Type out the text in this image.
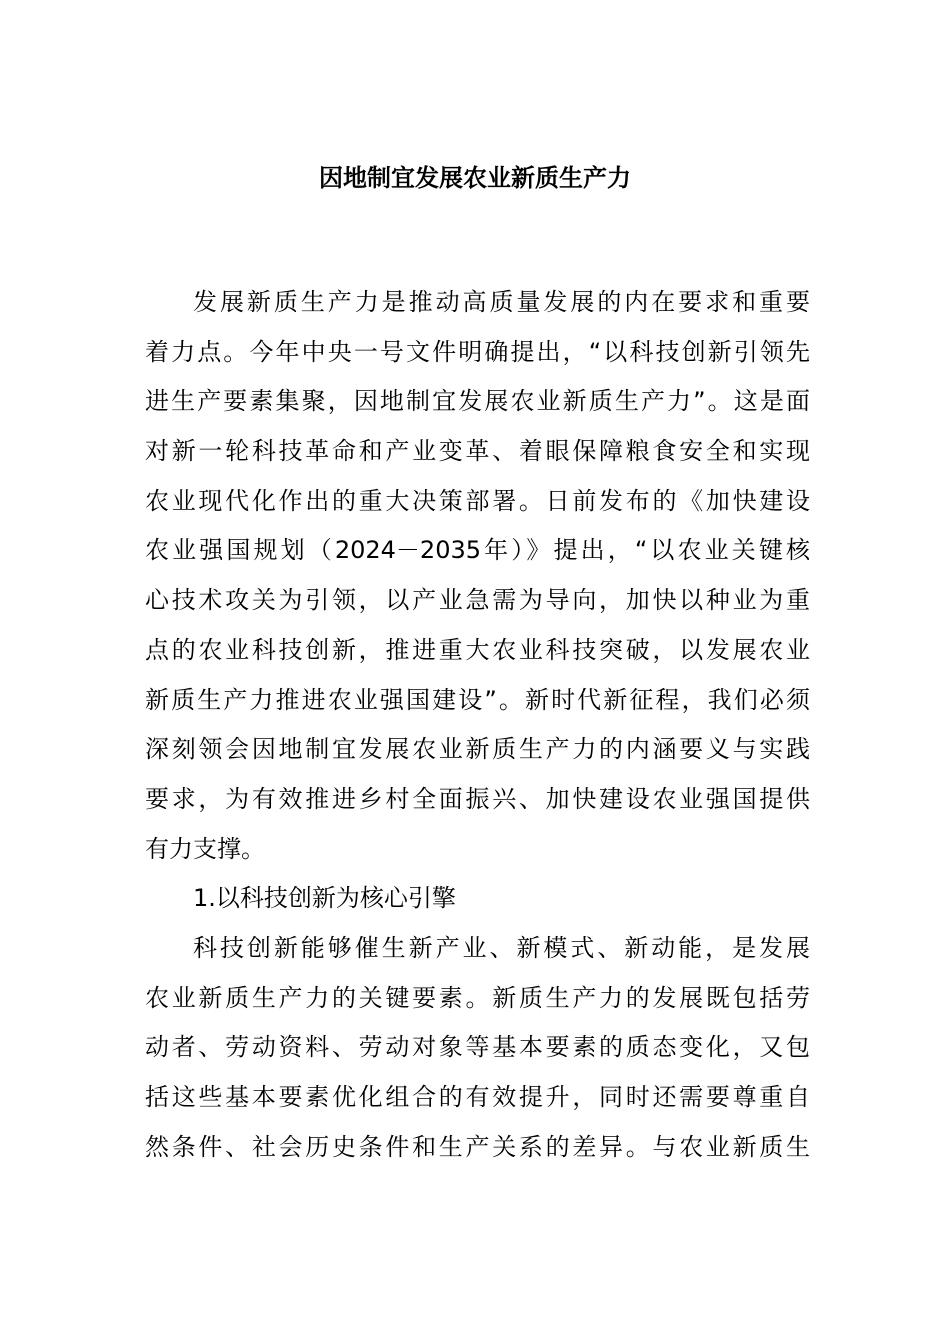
因地制宜发展农业新质生产力
发展新质生产力是推动高质量发展的内在要求和重要
着力点。今年中央一号文件明确提出，“以科技创新引领先
进生产要素集聚，因地制宜发展农业新质生产力”。这是面
对新一轮科技革命和产业变革、着眼保障粮食安全和实现
农业现代化作出的重大决策部署。日前发布的《加快建设
农业强国规划（2024－2035年）》提出，“以农业关键核
心技术攻关为引领，以产业急需为导向，加快以种业为重
点的农业科技创新，推进重大农业科技突破，以发展农业
新质生产力推进农业强国建设”。新时代新征程，我们必须
深刻领会因地制宜发展农业新质生产力的内涵要义与实践
要求，为有效推进乡村全面振兴、加快建设农业强国提供
有力支撑。
1.以科技创新为核心引擎
科技创新能够催生新产业、新模式、新动能，是发展
农业新质生产力的关键要素。新质生产力的发展既包括劳
动者、劳动资料、劳动对象等基本要素的质态变化，又包
括这些基本要素优化组合的有效提升，同时还需要尊重自
然条件、社会历史条件和生产关系的差异。与农业新质生
